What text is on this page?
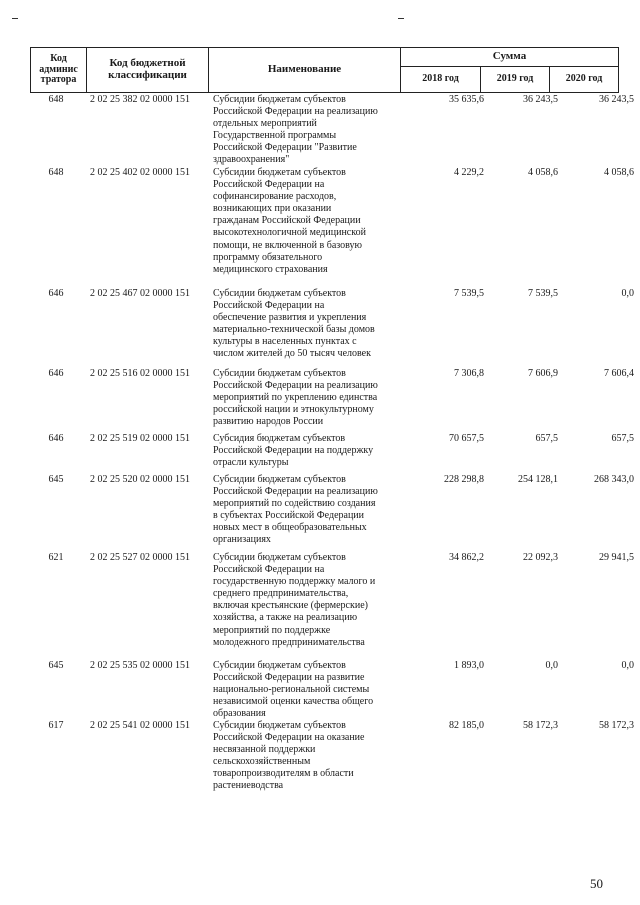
Код
админис
тратора	Код бюджетной
классификации	Наименование	Сумма		
			2018 год	2019 год	2020 год
648	2 02 25 382 02 0000 151	Субсидии бюджетам субъектов
Российской Федерации на реализацию
отдельных мероприятий
Государственной программы
Российской Федерации "Развитие
здравоохранения"
35 635,6	36 243,5	36 243,5
648	2 02 25 402 02 0000 151	Субсидии бюджетам субъектов
Российской Федерации на
софинансирование расходов,
возникающих при оказании
гражданам Российской Федерации
высокотехнологичной медицинской
помощи, не включенной в базовую
программу обязательного
медицинского страхования
4 229,2	4 058,6	4 058,6
646	2 02 25 467 02 0000 151	Субсидии бюджетам субъектов
Российской Федерации на
обеспечение развития и укрепления
материально-технической базы домов
культуры в населенных пунктах с
числом жителей до 50 тысяч человек
7 539,5	7 539,5	0,0
646	2 02 25 516 02 0000 151	Субсидии бюджетам субъектов
Российской Федерации на реализацию
мероприятий по укреплению единства
российской нации и этнокультурному
развитию народов России
7 306,8	7 606,9	7 606,4
646	2 02 25 519 02 0000 151	Субсидия бюджетам субъектов
Российской Федерации на поддержку
отрасли культуры
70 657,5	657,5	657,5
645	2 02 25 520 02 0000 151	Субсидии бюджетам субъектов
Российской Федерации на реализацию
мероприятий по содействию создания
в субъектах Российской Федерации
новых мест в общеобразовательных
организациях
228 298,8	254 128,1	268 343,0
621	2 02 25 527 02 0000 151	Субсидии бюджетам субъектов
Российской Федерации на
государственную поддержку малого и
среднего предпринимательства,
включая крестьянские (фермерские)
хозяйства, а также на реализацию
мероприятий по поддержке
молодежного предпринимательства
34 862,2	22 092,3	29 941,5
645	2 02 25 535 02 0000 151	Субсидии бюджетам субъектов
Российской Федерации на развитие
национально-региональной системы
независимой оценки качества общего
образования
1 893,0	0,0	0,0
617	2 02 25 541 02 0000 151	Субсидии бюджетам субъектов
Российской Федерации на оказание
несвязанной поддержки
сельскохозяйственным
товаропроизводителям в области
растениеводства
82 185,0	58 172,3	58 172,3
50
